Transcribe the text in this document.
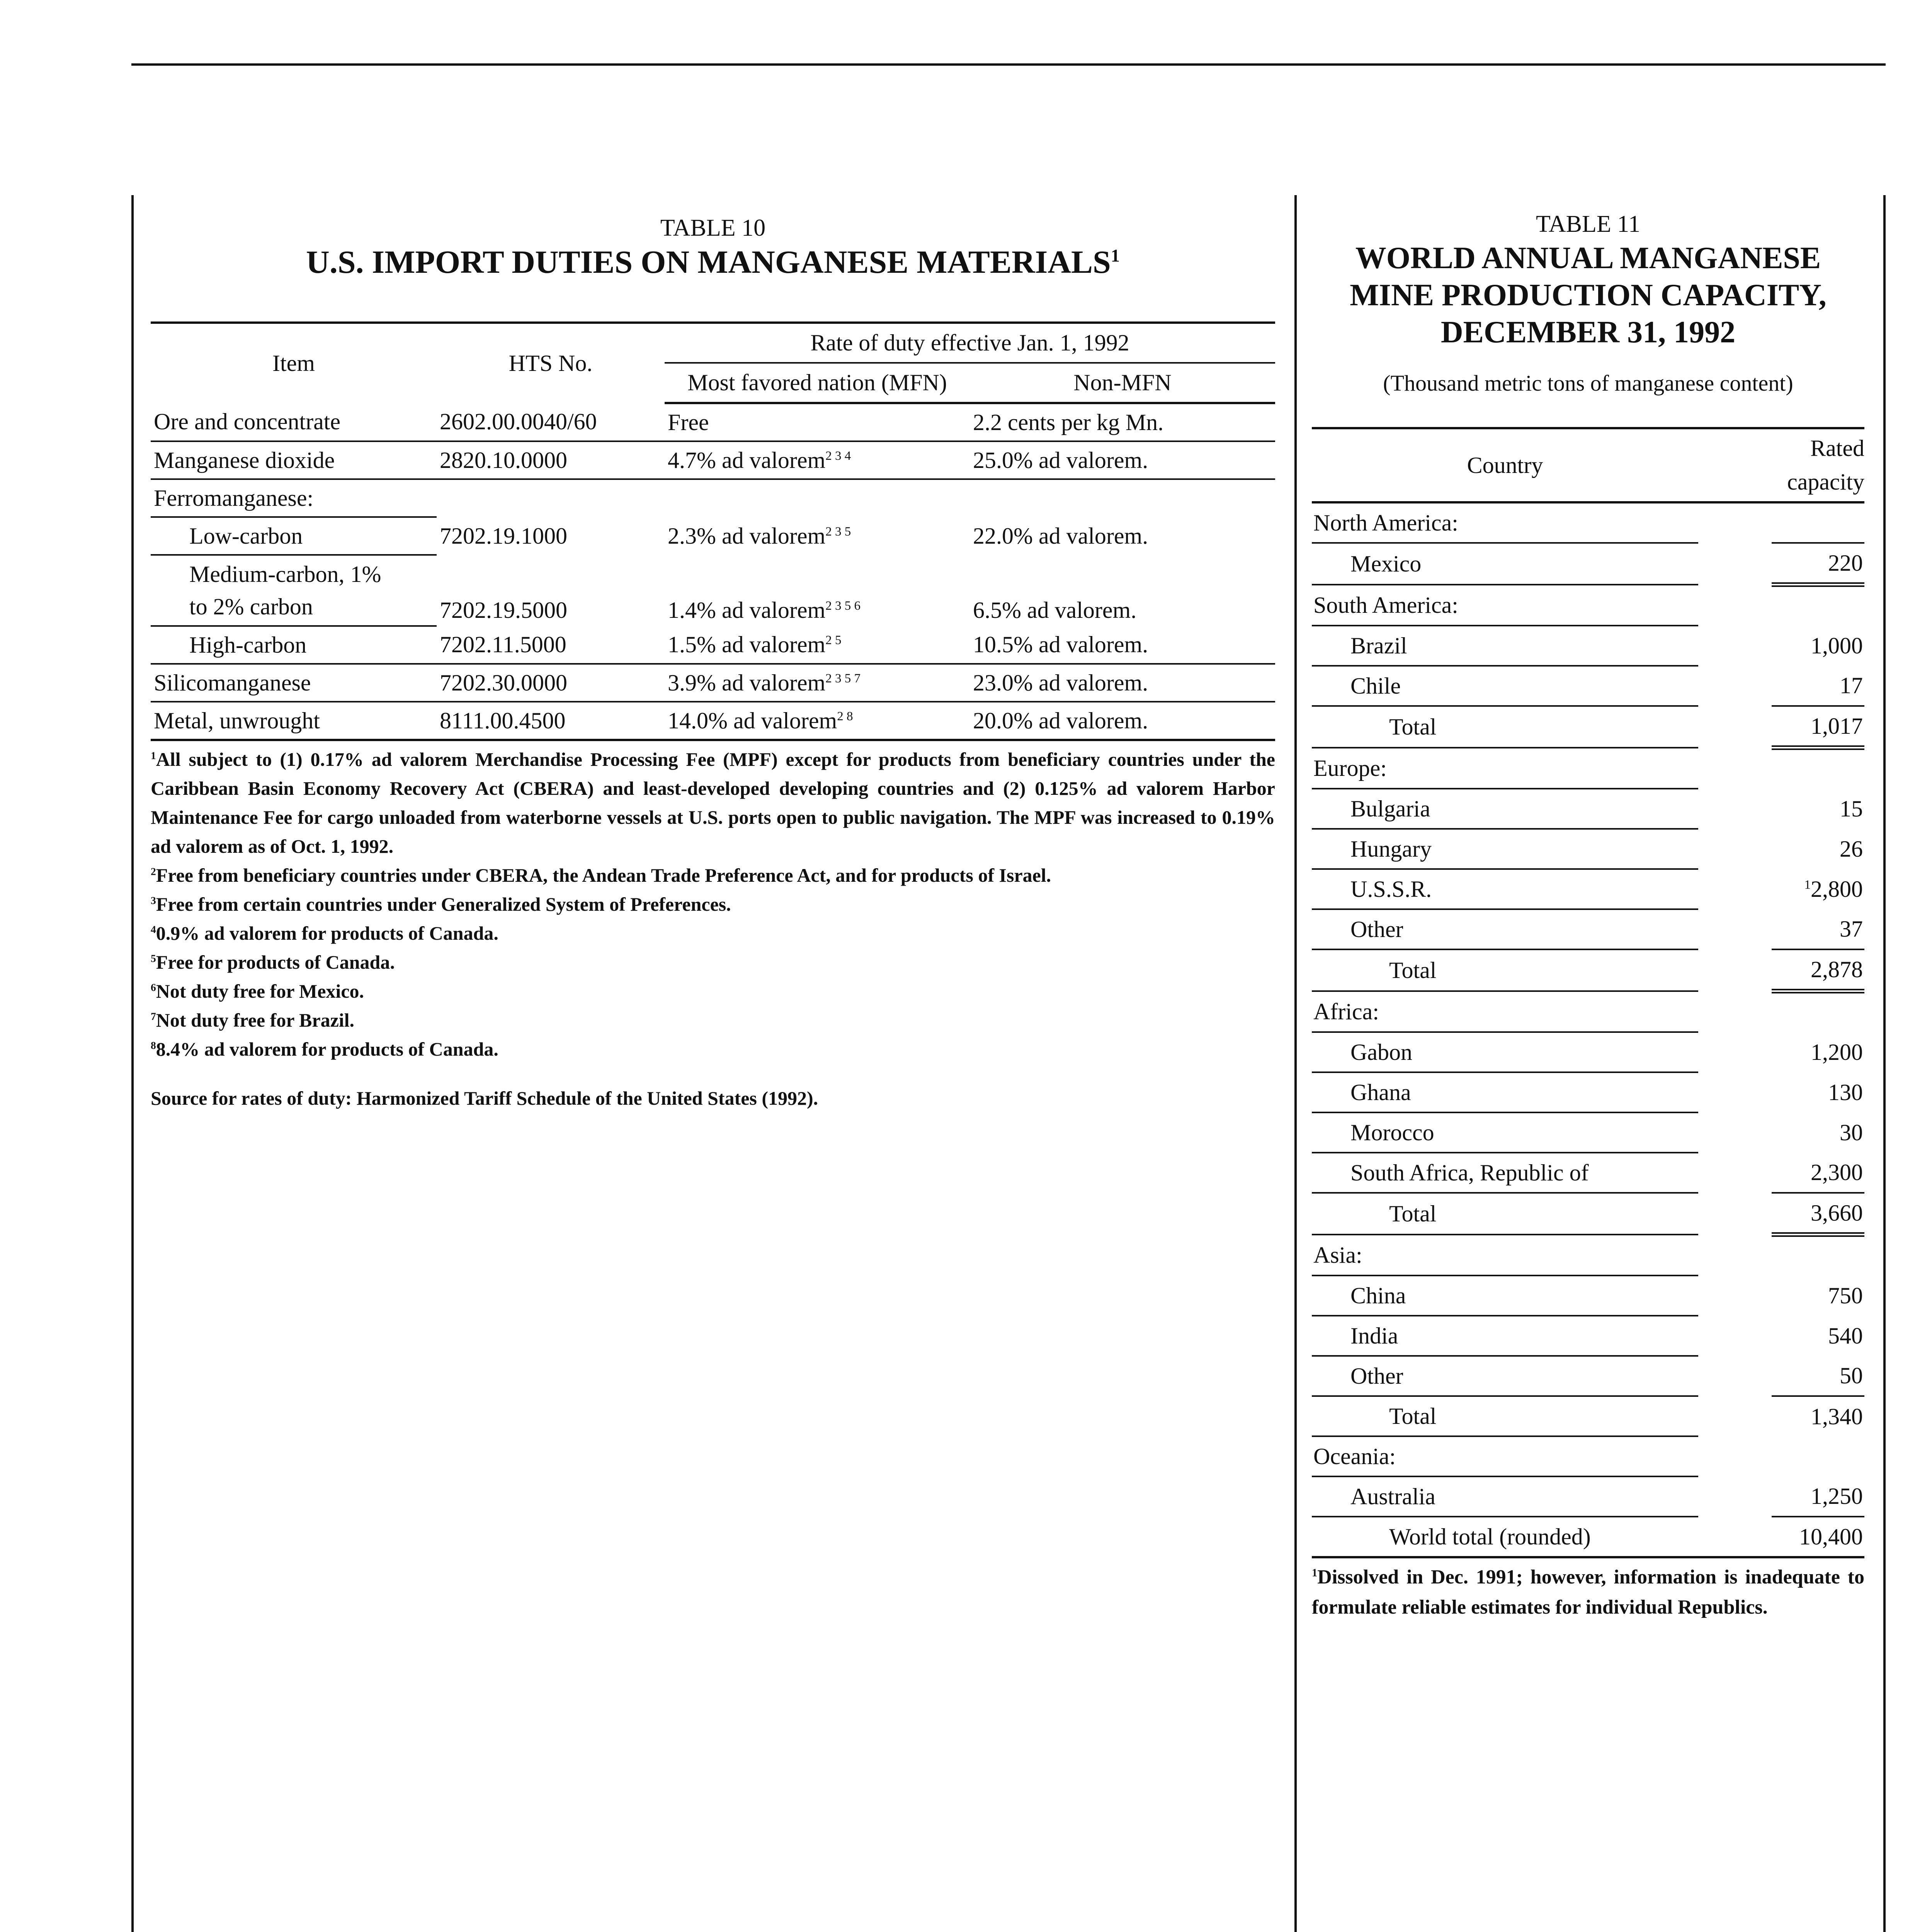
TABLE 10
U.S. IMPORT DUTIES ON MANGANESE MATERIALS$^1$
Item	HTS No.	Rate of duty effective Jan. 1, 1992	
		Most favored nation (MFN)	Non-MFN
Ore and concentrate	2602.00.0040/60	Free	2.2 cents per kg Mn.
Manganese dioxide	2820.10.0000	4.7% ad valorem$^{2 3 4}$	25.0% ad valorem.
Ferromanganese:			
Low-carbon	7202.19.1000	2.3% ad valorem$^{2 3 5}$	22.0% ad valorem.
Medium-carbon, 1%
to 2% carbon	7202.19.5000	1.4% ad valorem$^{2 3 5 6}$	6.5% ad valorem.
High-carbon	7202.11.5000	1.5% ad valorem$^{2 5}$	10.5% ad valorem.
Silicomanganese	7202.30.0000	3.9% ad valorem$^{2 3 5 7}$	23.0% ad valorem.
Metal, unwrought	8111.00.4500	14.0% ad valorem$^{2 8}$	20.0% ad valorem.

$^1$All subject to (1) 0.17% ad valorem Merchandise Processing Fee (MPF) except for products from beneficiary countries under the Caribbean Basin Economy Recovery Act (CBERA) and least-developed developing countries and (2) 0.125% ad valorem Harbor Maintenance Fee for cargo unloaded from waterborne vessels at U.S. ports open to public navigation. The MPF was increased to 0.19% ad valorem as of Oct. 1, 1992.

$^2$Free from beneficiary countries under CBERA, the Andean Trade Preference Act, and for products of Israel.

$^3$Free from certain countries under Generalized System of Preferences.

$^4$0.9% ad valorem for products of Canada.

$^5$Free for products of Canada.

$^6$Not duty free for Mexico.

$^7$Not duty free for Brazil.

$^8$8.4% ad valorem for products of Canada.

Source for rates of duty: Harmonized Tariff Schedule of the United States (1992).
TABLE 11
WORLD ANNUAL MANGANESE
MINE PRODUCTION CAPACITY,
DECEMBER 31, 1992
(Thousand metric tons of manganese content)
Country		Rated
capacity
North America:		
Mexico		220
South America:		
Brazil		1,000
Chile		17
Total		1,017
Europe:		
Bulgaria		15
Hungary		26
U.S.S.R.		$^1$2,800
Other		37
Total		2,878
Africa:		
Gabon		1,200
Ghana		130
Morocco		30
South Africa, Republic of		2,300
Total		3,660
Asia:		
China		750
India		540
Other		50
Total		1,340
Oceania:		
Australia		1,250
World total (rounded)		10,400
$^1$Dissolved in Dec. 1991; however, information is inadequate to formulate reliable estimates for individual Republics.
